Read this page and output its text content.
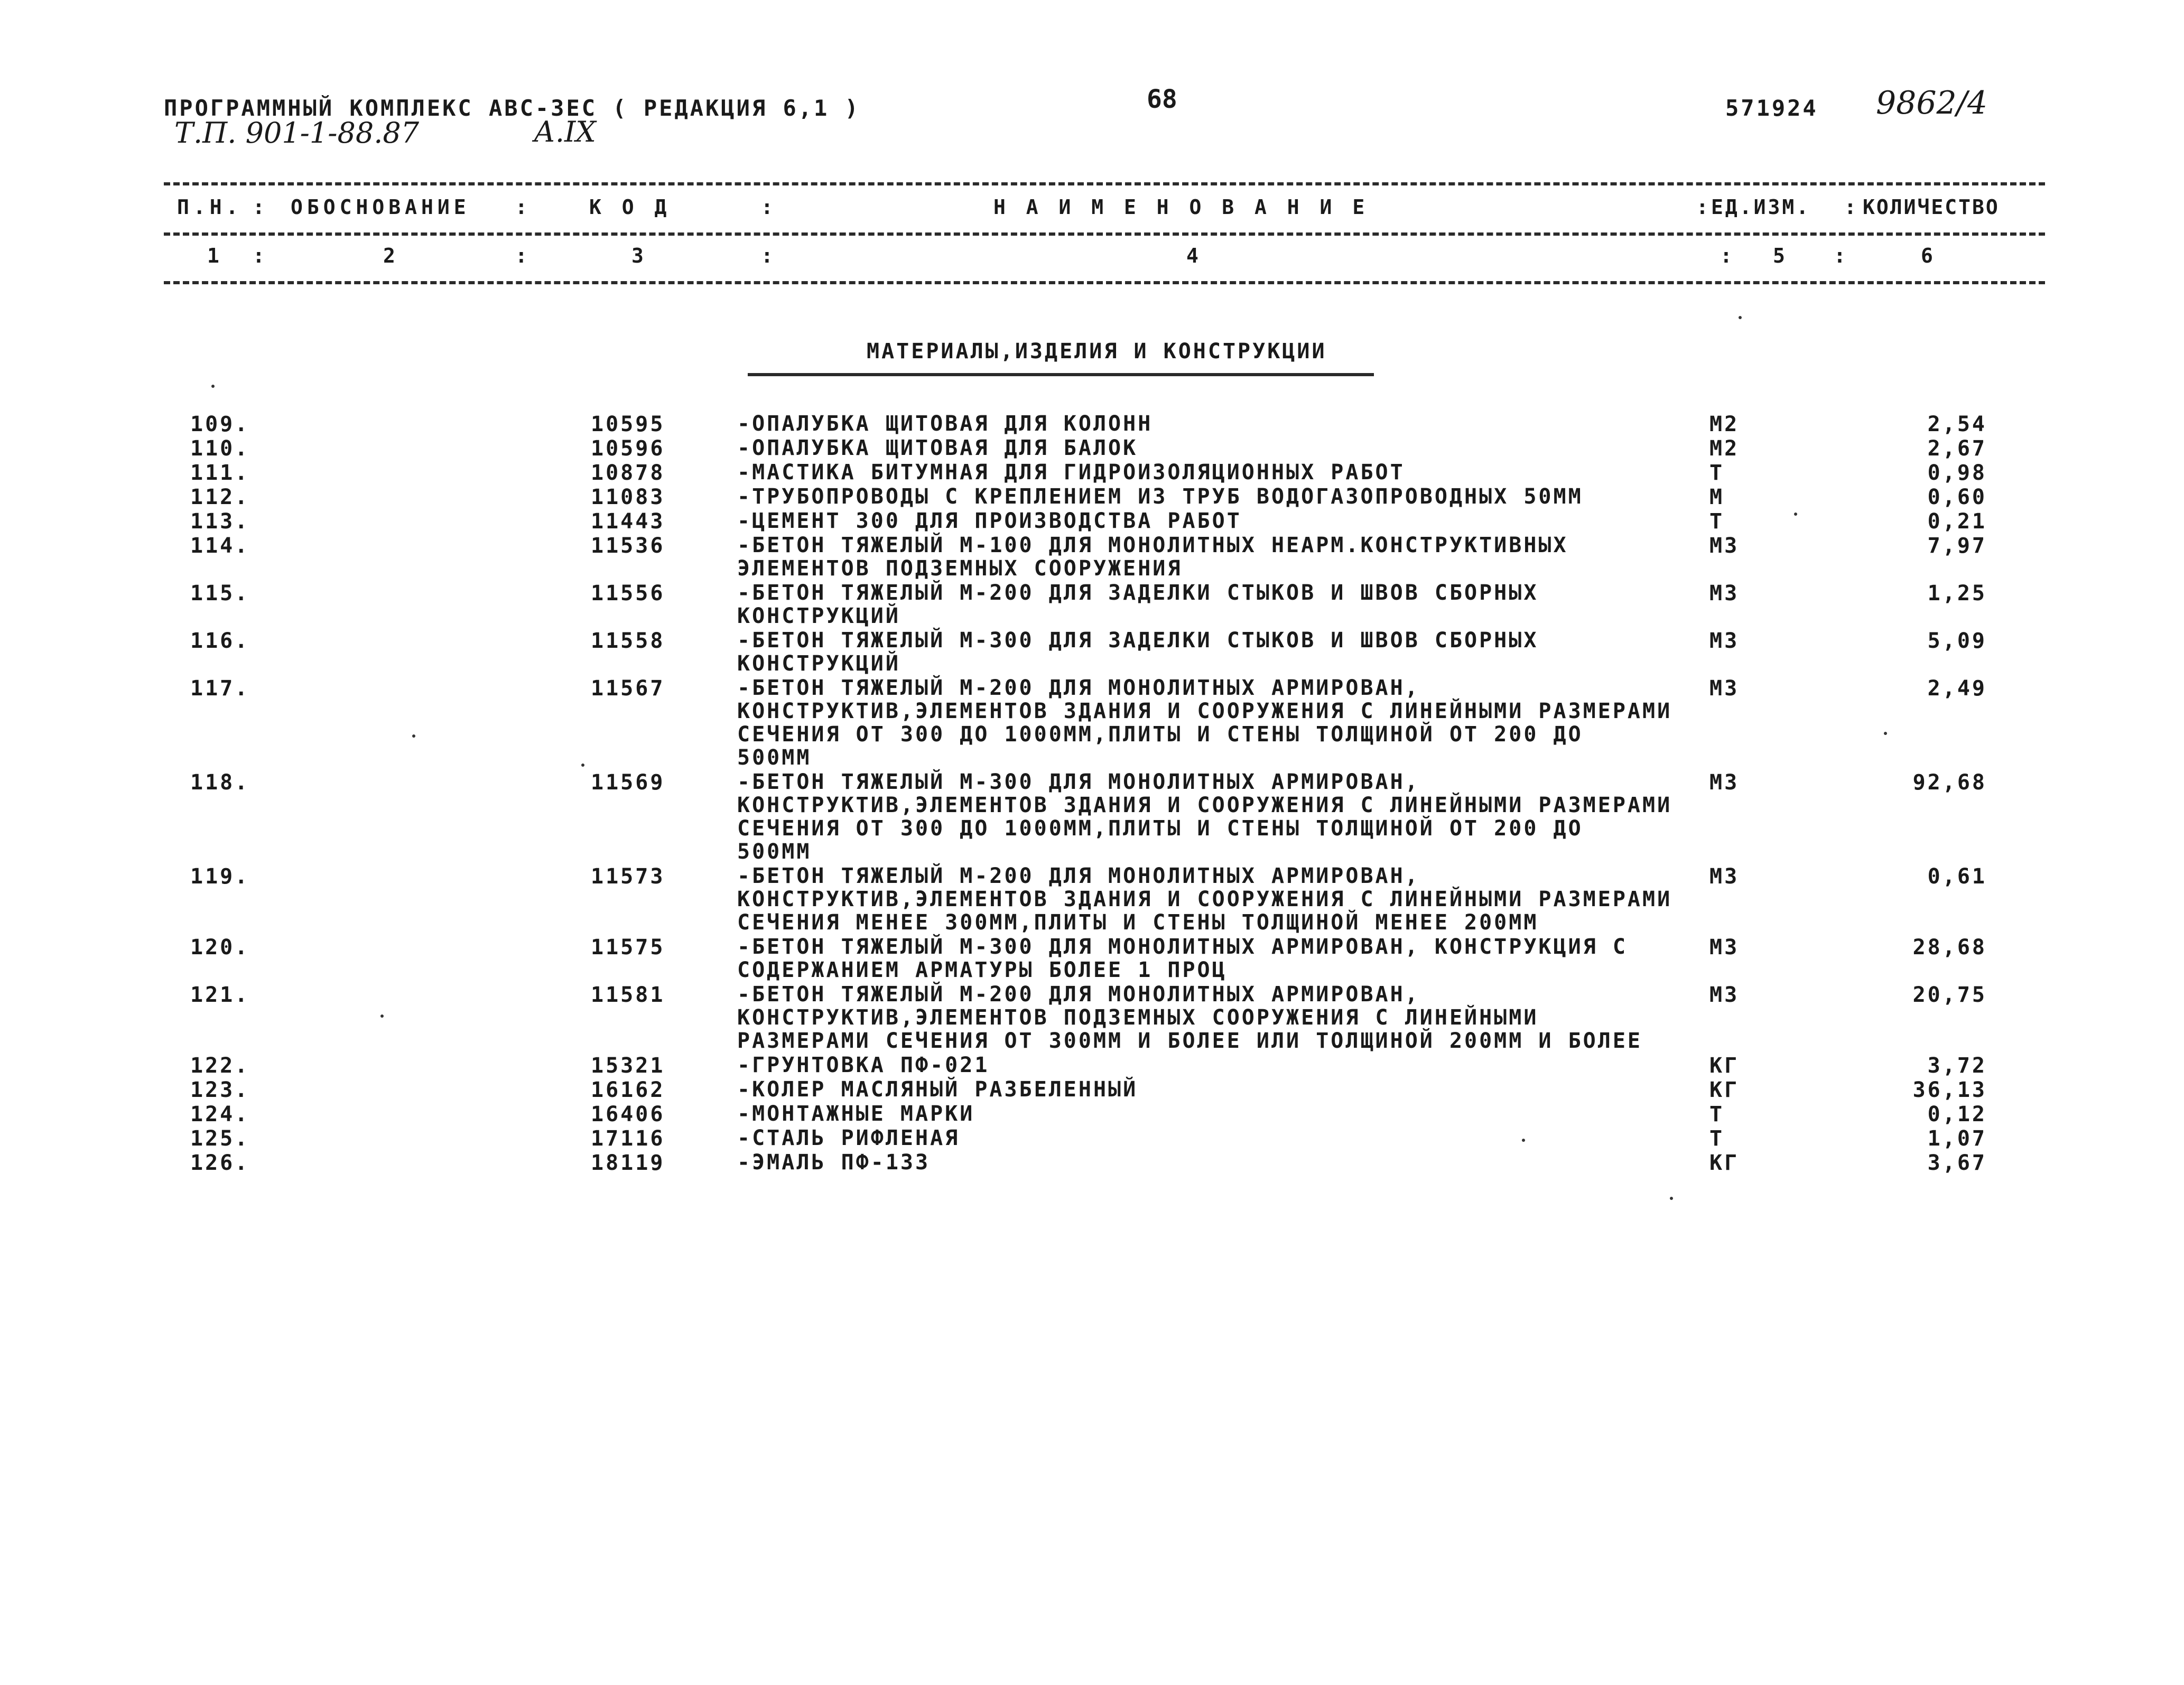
ПРОГРАММНЫЙ КОМПЛЕКС АВС-ЗЕС ( РЕДАКЦИЯ 6,1 )	68	571924 9862/4
Т.П. 901-1-88.87	А.IX
П.Н. : ОБОСНОВАНИЕ :	К О Д	:	Н А И М Е Н О В А Н И Е	:
ЕД.ИЗМ. : КОЛИЧЕСТВО
1 :	2	:	3	:	4	: 5 :	6
МАТЕРИАЛЫ,ИЗДЕЛИЯ И КОНСТРУКЦИИ
109.	10595	-ОПАЛУБКА ЩИТОВАЯ ДЛЯ КОЛОНН	М2	2,54
110.	10596	-ОПАЛУБКА ЩИТОВАЯ ДЛЯ БАЛОК	М2	2,67
111.	10878	-МАСТИКА БИТУМНАЯ ДЛЯ ГИДРОИЗОЛЯЦИОННЫХ РАБОТ	Т	0,98
112.	11083	-ТРУБОПРОВОДЫ С КРЕПЛЕНИЕМ ИЗ ТРУБ ВОДОГАЗОПРОВОДНЫХ 50ММ	М	0,60
113.	11443	-ЦЕМЕНТ 300 ДЛЯ ПРОИЗВОДСТВА РАБОТ	Т	0,21
114.	11536	-БЕТОН ТЯЖЕЛЫЙ М-100 ДЛЯ МОНОЛИТНЫХ НЕАРМ.КОНСТРУКТИВНЫХ
ЭЛЕМЕНТОВ ПОДЗЕМНЫХ СООРУЖЕНИЯ
М3	7,97
115.	11556	-БЕТОН ТЯЖЕЛЫЙ М-200 ДЛЯ ЗАДЕЛКИ СТЫКОВ И ШВОВ СБОРНЫХ
КОНСТРУКЦИЙ
М3	1,25
116.	11558	-БЕТОН ТЯЖЕЛЫЙ М-300 ДЛЯ ЗАДЕЛКИ СТЫКОВ И ШВОВ СБОРНЫХ
КОНСТРУКЦИЙ
М3	5,09
117.	11567	-БЕТОН ТЯЖЕЛЫЙ М-200 ДЛЯ МОНОЛИТНЫХ АРМИРОВАН,
КОНСТРУКТИВ,ЭЛЕМЕНТОВ ЗДАНИЯ И СООРУЖЕНИЯ С ЛИНЕЙНЫМИ РАЗМЕРАМИ
СЕЧЕНИЯ ОТ 300 ДО 1000ММ,ПЛИТЫ И СТЕНЫ ТОЛЩИНОЙ ОТ 200 ДО
500ММ
М3	2,49
118.	11569	-БЕТОН ТЯЖЕЛЫЙ М-300 ДЛЯ МОНОЛИТНЫХ АРМИРОВАН,
КОНСТРУКТИВ,ЭЛЕМЕНТОВ ЗДАНИЯ И СООРУЖЕНИЯ С ЛИНЕЙНЫМИ РАЗМЕРАМИ
СЕЧЕНИЯ ОТ 300 ДО 1000ММ,ПЛИТЫ И СТЕНЫ ТОЛЩИНОЙ ОТ 200 ДО
500ММ
М3	92,68
119.	11573	-БЕТОН ТЯЖЕЛЫЙ М-200 ДЛЯ МОНОЛИТНЫХ АРМИРОВАН,
КОНСТРУКТИВ,ЭЛЕМЕНТОВ ЗДАНИЯ И СООРУЖЕНИЯ С ЛИНЕЙНЫМИ РАЗМЕРАМИ
СЕЧЕНИЯ МЕНЕЕ 300ММ,ПЛИТЫ И СТЕНЫ ТОЛЩИНОЙ МЕНЕЕ 200ММ
М3	0,61
120.	11575	-БЕТОН ТЯЖЕЛЫЙ М-300 ДЛЯ МОНОЛИТНЫХ АРМИРОВАН, КОНСТРУКЦИЯ С
СОДЕРЖАНИЕМ АРМАТУРЫ БОЛЕЕ 1 ПРОЦ
М3	28,68
121.	11581	-БЕТОН ТЯЖЕЛЫЙ М-200 ДЛЯ МОНОЛИТНЫХ АРМИРОВАН,
КОНСТРУКТИВ,ЭЛЕМЕНТОВ ПОДЗЕМНЫХ СООРУЖЕНИЯ С ЛИНЕЙНЫМИ
РАЗМЕРАМИ СЕЧЕНИЯ ОТ 300ММ И БОЛЕЕ ИЛИ ТОЛЩИНОЙ 200ММ И БОЛЕЕ
М3	20,75
122.	15321	-ГРУНТОВКА ПФ-021	КГ	3,72
123.	16162	-КОЛЕР МАСЛЯНЫЙ РАЗБЕЛЕННЫЙ	КГ	36,13
124.	16406	-МОНТАЖНЫЕ МАРКИ	Т	0,12
125.	17116	-СТАЛЬ РИФЛЕНАЯ	Т	1,07
126.	18119	-ЭМАЛЬ ПФ-133	КГ	3,67
